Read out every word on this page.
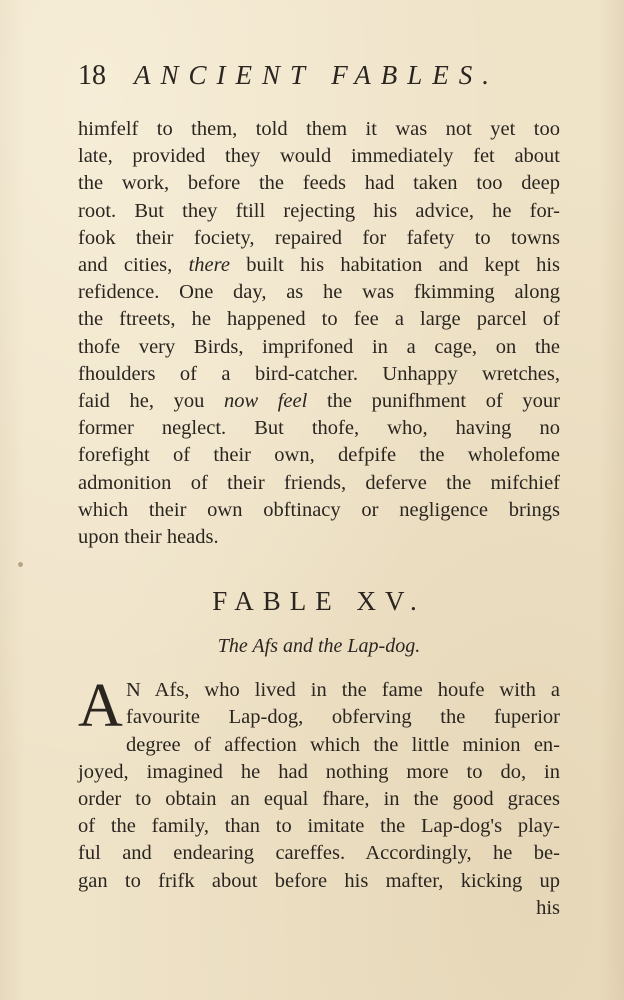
18	ANCIENT FABLES.

himfelf to them, told them it was not yet too
late, provided they would immediately fet about
the work, before the feeds had taken too deep
root. But they ftill rejecting his advice, he for-
fook their fociety, repaired for fafety to towns
and cities, there built his habitation and kept his
refidence. One day, as he was fkimming along
the ftreets, he happened to fee a large parcel of
thofe very Birds, imprifoned in a cage, on the
fhoulders of a bird-catcher. Unhappy wretches,
faid he, you now feel the punifhment of your
former neglect. But thofe, who, having no
forefight of their own, defpife the wholefome
admonition of their friends, deferve the mifchief
which their own obftinacy or negligence brings
upon their heads.

FABLE XV.
The Afs and the Lap-dog.
A N Afs, who lived in the fame houfe with a
favourite Lap-dog, obferving the fuperior
degree of affection which the little minion en-
joyed, imagined he had nothing more to do, in
order to obtain an equal fhare, in the good graces
of the family, than to imitate the Lap-dog's play-
ful and endearing careffes. Accordingly, he be-
gan to frifk about before his mafter, kicking up
his
